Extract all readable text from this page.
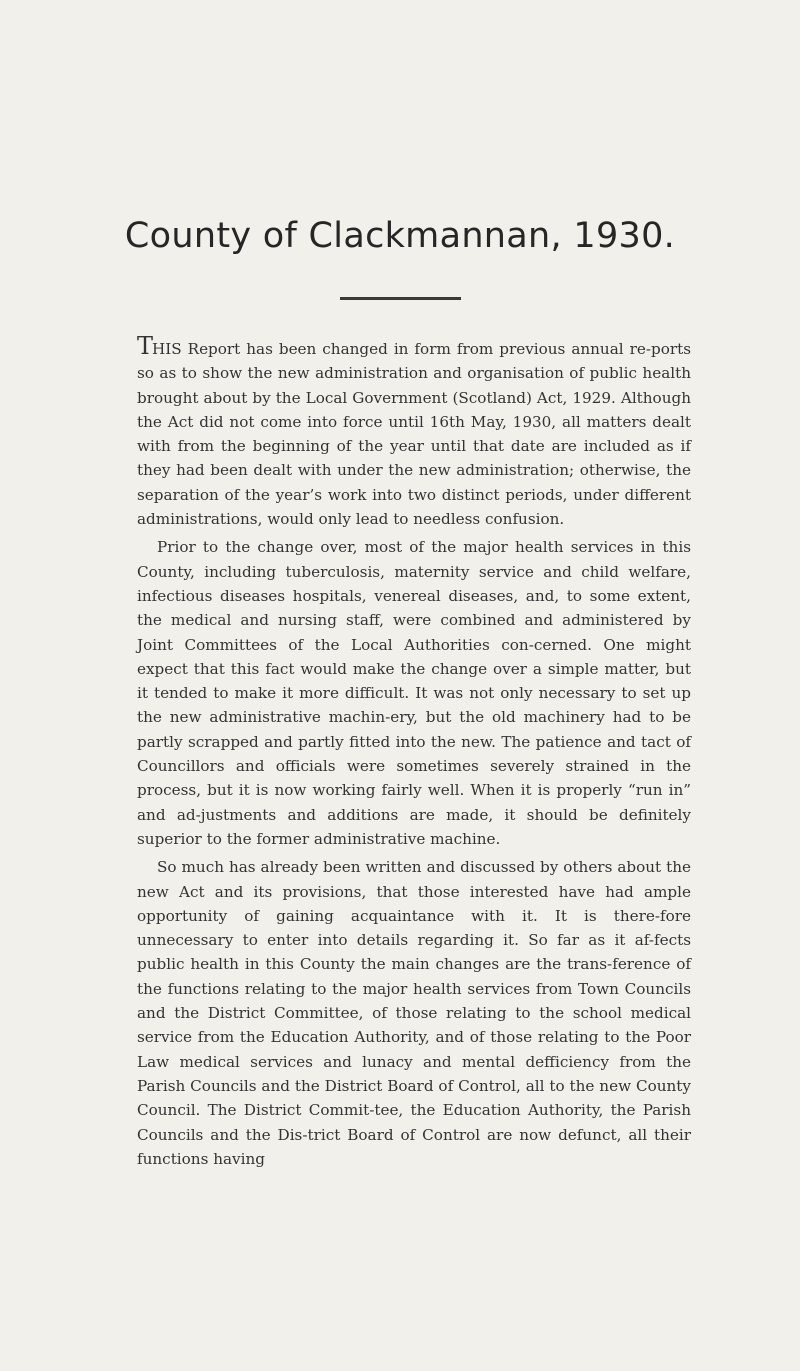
County of Clackmannan, 1930.

THIS Report has been changed in form from previous annual re-ports so as to show the new administration and organisation of public health brought about by the Local Government (Scotland) Act, 1929. Although the Act did not come into force until 16th May, 1930, all matters dealt with from the beginning of the year until that date are included as if they had been dealt with under the new administration; otherwise, the separation of the year’s work into two distinct periods, under different administrations, would only lead to needless confusion.

Prior to the change over, most of the major health services in this County, including tuberculosis, maternity service and child welfare, infectious diseases hospitals, venereal diseases, and, to some extent, the medical and nursing staff, were combined and administered by Joint Committees of the Local Authorities con-cerned. One might expect that this fact would make the change over a simple matter, but it tended to make it more difficult. It was not only necessary to set up the new administrative machin-ery, but the old machinery had to be partly scrapped and partly fitted into the new. The patience and tact of Councillors and officials were sometimes severely strained in the process, but it is now working fairly well. When it is properly “run in” and ad-justments and additions are made, it should be definitely superior to the former administrative machine.

So much has already been written and discussed by others about the new Act and its provisions, that those interested have had ample opportunity of gaining acquaintance with it. It is there-fore unnecessary to enter into details regarding it. So far as it af-fects public health in this County the main changes are the trans-ference of the functions relating to the major health services from Town Councils and the District Committee, of those relating to the school medical service from the Education Authority, and of those relating to the Poor Law medical services and lunacy and mental defficiency from the Parish Councils and the District Board of Control, all to the new County Council. The District Commit-tee, the Education Authority, the Parish Councils and the Dis-trict Board of Control are now defunct, all their functions having
